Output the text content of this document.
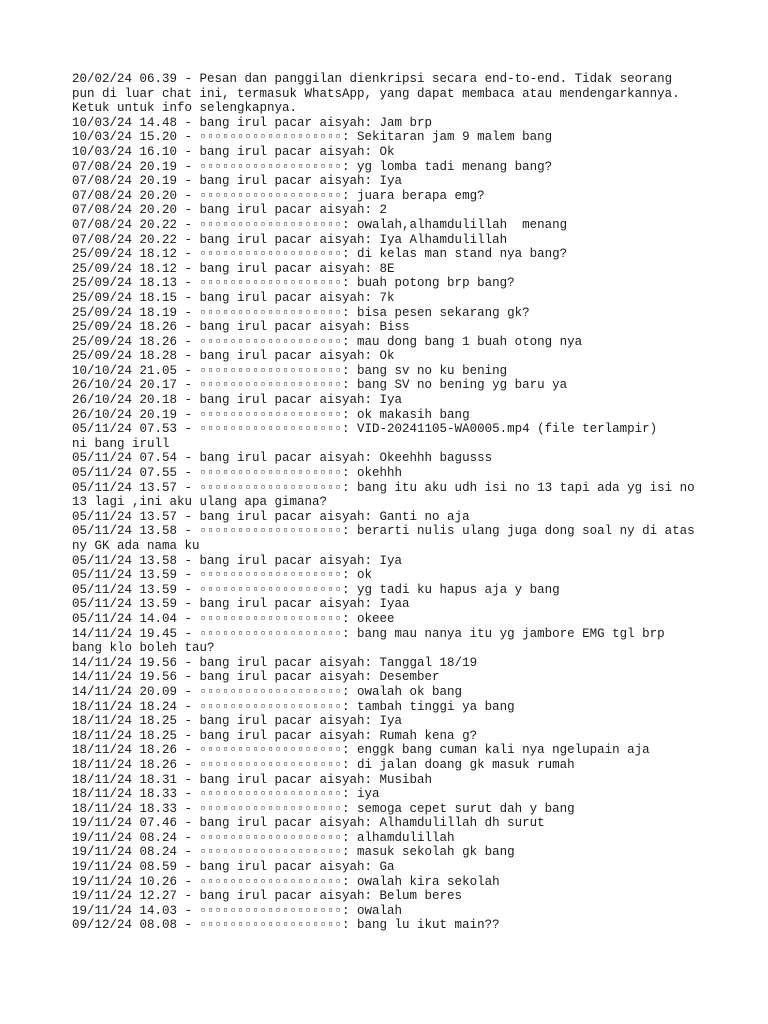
20/02/24 06.39 - Pesan dan panggilan dienkripsi secara end-to-end. Tidak seorang pun di luar chat ini, termasuk WhatsApp, yang dapat membaca atau mendengarkannya. Ketuk untuk info selengkapnya.
10/03/24 14.48 - bang irul pacar aisyah: Jam brp
10/03/24 15.20 - ▫▫▫▫▫▫▫▫▫▫▫▫▫▫▫▫▫▫▫: Sekitaran jam 9 malem bang
10/03/24 16.10 - bang irul pacar aisyah: Ok
07/08/24 20.19 - ▫▫▫▫▫▫▫▫▫▫▫▫▫▫▫▫▫▫▫: yg lomba tadi menang bang?
07/08/24 20.19 - bang irul pacar aisyah: Iya
07/08/24 20.20 - ▫▫▫▫▫▫▫▫▫▫▫▫▫▫▫▫▫▫▫: juara berapa emg?
07/08/24 20.20 - bang irul pacar aisyah: 2
07/08/24 20.22 - ▫▫▫▫▫▫▫▫▫▫▫▫▫▫▫▫▫▫▫: owalah,alhamdulillah  menang
07/08/24 20.22 - bang irul pacar aisyah: Iya Alhamdulillah
25/09/24 18.12 - ▫▫▫▫▫▫▫▫▫▫▫▫▫▫▫▫▫▫▫: di kelas man stand nya bang?
25/09/24 18.12 - bang irul pacar aisyah: 8E
25/09/24 18.13 - ▫▫▫▫▫▫▫▫▫▫▫▫▫▫▫▫▫▫▫: buah potong brp bang?
25/09/24 18.15 - bang irul pacar aisyah: 7k
25/09/24 18.19 - ▫▫▫▫▫▫▫▫▫▫▫▫▫▫▫▫▫▫▫: bisa pesen sekarang gk?
25/09/24 18.26 - bang irul pacar aisyah: Biss
25/09/24 18.26 - ▫▫▫▫▫▫▫▫▫▫▫▫▫▫▫▫▫▫▫: mau dong bang 1 buah otong nya
25/09/24 18.28 - bang irul pacar aisyah: Ok
10/10/24 21.05 - ▫▫▫▫▫▫▫▫▫▫▫▫▫▫▫▫▫▫▫: bang sv no ku bening
26/10/24 20.17 - ▫▫▫▫▫▫▫▫▫▫▫▫▫▫▫▫▫▫▫: bang SV no bening yg baru ya
26/10/24 20.18 - bang irul pacar aisyah: Iya
26/10/24 20.19 - ▫▫▫▫▫▫▫▫▫▫▫▫▫▫▫▫▫▫▫: ok makasih bang
05/11/24 07.53 - ▫▫▫▫▫▫▫▫▫▫▫▫▫▫▫▫▫▫▫: VID-20241105-WA0005.mp4 (file terlampir)
ni bang irull
05/11/24 07.54 - bang irul pacar aisyah: Okeehhh bagusss
05/11/24 07.55 - ▫▫▫▫▫▫▫▫▫▫▫▫▫▫▫▫▫▫▫: okehhh
05/11/24 13.57 - ▫▫▫▫▫▫▫▫▫▫▫▫▫▫▫▫▫▫▫: bang itu aku udh isi no 13 tapi ada yg isi no 13 lagi ,ini aku ulang apa gimana?
05/11/24 13.57 - bang irul pacar aisyah: Ganti no aja
05/11/24 13.58 - ▫▫▫▫▫▫▫▫▫▫▫▫▫▫▫▫▫▫▫: berarti nulis ulang juga dong soal ny di atas ny GK ada nama ku
05/11/24 13.58 - bang irul pacar aisyah: Iya
05/11/24 13.59 - ▫▫▫▫▫▫▫▫▫▫▫▫▫▫▫▫▫▫▫: ok
05/11/24 13.59 - ▫▫▫▫▫▫▫▫▫▫▫▫▫▫▫▫▫▫▫: yg tadi ku hapus aja y bang
05/11/24 13.59 - bang irul pacar aisyah: Iyaa
05/11/24 14.04 - ▫▫▫▫▫▫▫▫▫▫▫▫▫▫▫▫▫▫▫: okeee
14/11/24 19.45 - ▫▫▫▫▫▫▫▫▫▫▫▫▫▫▫▫▫▫▫: bang mau nanya itu yg jambore EMG tgl brp bang klo boleh tau?
14/11/24 19.56 - bang irul pacar aisyah: Tanggal 18/19
14/11/24 19.56 - bang irul pacar aisyah: Desember
14/11/24 20.09 - ▫▫▫▫▫▫▫▫▫▫▫▫▫▫▫▫▫▫▫: owalah ok bang
18/11/24 18.24 - ▫▫▫▫▫▫▫▫▫▫▫▫▫▫▫▫▫▫▫: tambah tinggi ya bang
18/11/24 18.25 - bang irul pacar aisyah: Iya
18/11/24 18.25 - bang irul pacar aisyah: Rumah kena g?
18/11/24 18.26 - ▫▫▫▫▫▫▫▫▫▫▫▫▫▫▫▫▫▫▫: enggk bang cuman kali nya ngelupain aja
18/11/24 18.26 - ▫▫▫▫▫▫▫▫▫▫▫▫▫▫▫▫▫▫▫: di jalan doang gk masuk rumah
18/11/24 18.31 - bang irul pacar aisyah: Musibah
18/11/24 18.33 - ▫▫▫▫▫▫▫▫▫▫▫▫▫▫▫▫▫▫▫: iya
18/11/24 18.33 - ▫▫▫▫▫▫▫▫▫▫▫▫▫▫▫▫▫▫▫: semoga cepet surut dah y bang
19/11/24 07.46 - bang irul pacar aisyah: Alhamdulillah dh surut
19/11/24 08.24 - ▫▫▫▫▫▫▫▫▫▫▫▫▫▫▫▫▫▫▫: alhamdulillah
19/11/24 08.24 - ▫▫▫▫▫▫▫▫▫▫▫▫▫▫▫▫▫▫▫: masuk sekolah gk bang
19/11/24 08.59 - bang irul pacar aisyah: Ga
19/11/24 10.26 - ▫▫▫▫▫▫▫▫▫▫▫▫▫▫▫▫▫▫▫: owalah kira sekolah
19/11/24 12.27 - bang irul pacar aisyah: Belum beres
19/11/24 14.03 - ▫▫▫▫▫▫▫▫▫▫▫▫▫▫▫▫▫▫▫: owalah
09/12/24 08.08 - ▫▫▫▫▫▫▫▫▫▫▫▫▫▫▫▫▫▫▫: bang lu ikut main??
